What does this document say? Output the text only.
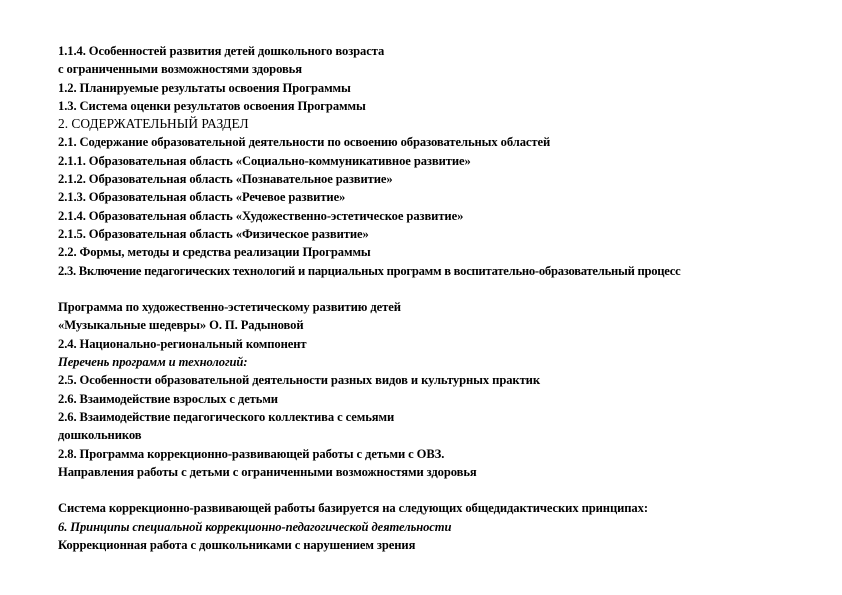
1.1.4. Особенностей развития детей дошкольного возраста
с ограниченными возможностями здоровья
1.2. Планируемые результаты освоения Программы
1.3. Система оценки результатов освоения Программы
2. СОДЕРЖАТЕЛЬНЫЙ РАЗДЕЛ
2.1. Содержание образовательной деятельности по освоению образовательных областей
2.1.1. Образовательная область «Социально-коммуникативное развитие»
2.1.2. Образовательная область «Познавательное развитие»
2.1.3. Образовательная область «Речевое развитие»
2.1.4. Образовательная область «Художественно-эстетическое развитие»
2.1.5. Образовательная область «Физическое развитие»
2.2. Формы, методы и средства реализации Программы
2.3. Включение педагогических технологий и парциальных программ в воспитательно-образовательный процесс
Программа по художественно-эстетическому развитию детей
«Музыкальные шедевры» О. П. Радыновой
2.4. Национально-региональный компонент
Перечень программ и технологий:
2.5. Особенности образовательной деятельности разных видов и культурных практик
2.6. Взаимодействие взрослых с детьми
2.6. Взаимодействие педагогического коллектива с семьями
дошкольников
2.8. Программа коррекционно-развивающей работы с детьми с ОВЗ.
Направления работы с детьми с ограниченными возможностями здоровья
Система коррекционно-развивающей работы базируется на следующих общедидактических принципах:
6. Принципы специальной коррекционно-педагогической деятельности
Коррекционная работа с дошкольниками с нарушением зрения
